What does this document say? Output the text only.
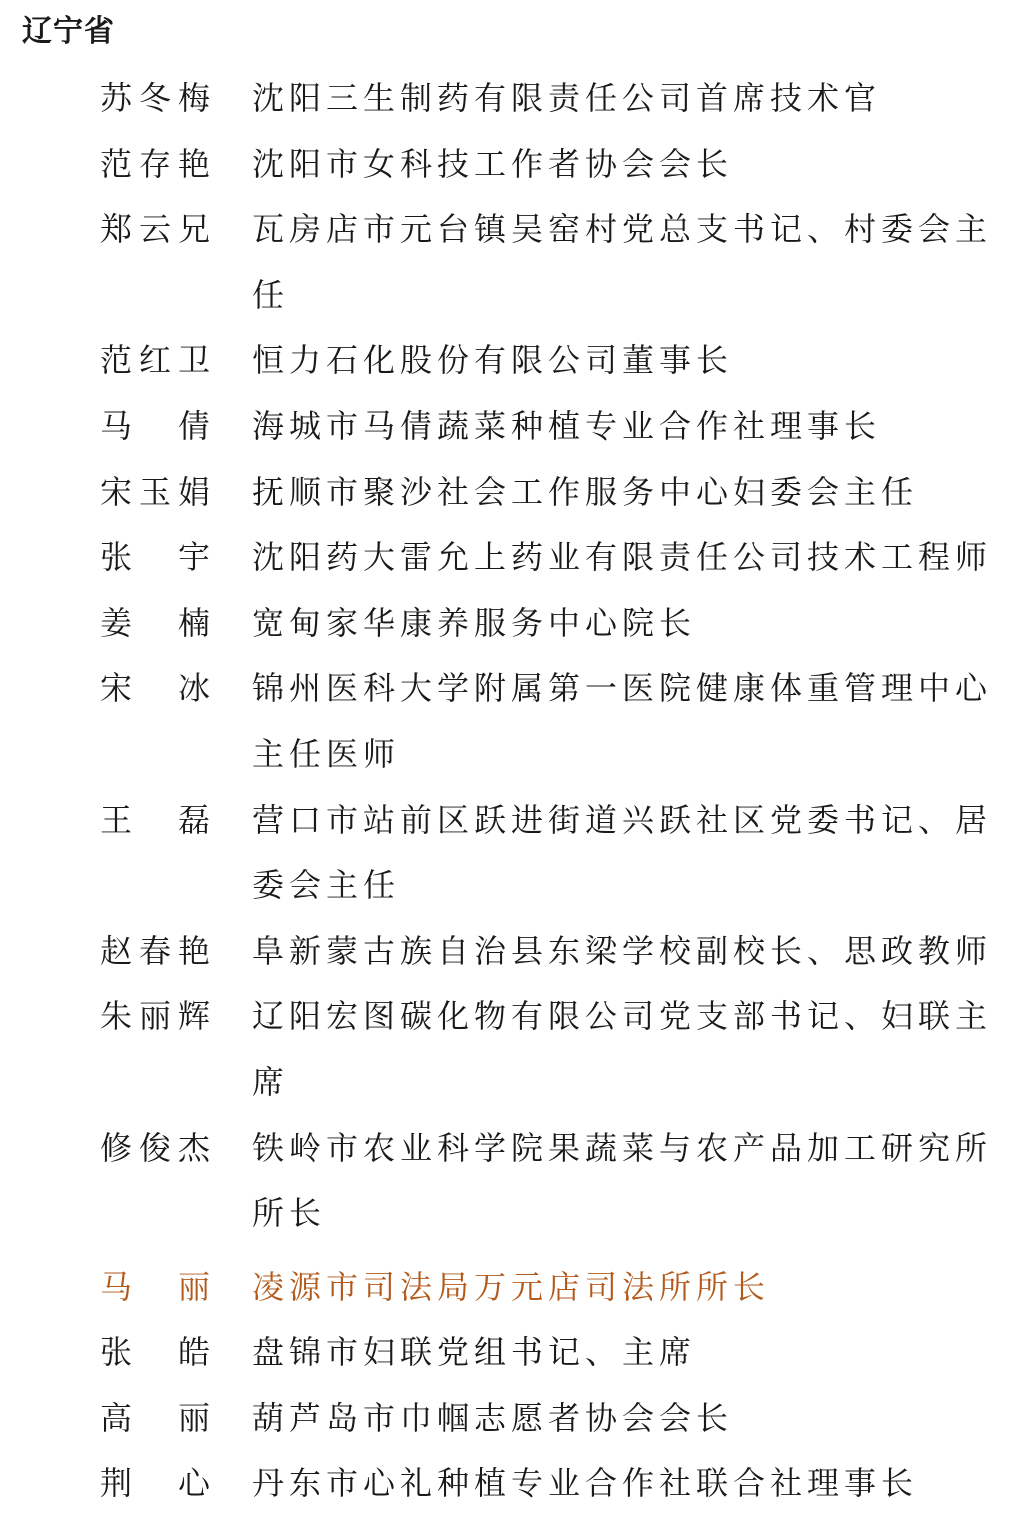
辽宁省
苏 冬 梅 沈阳三生制药有限责任公司首席技术官
范 存 艳 沈阳市女科技工作者协会会长
郑 云 兄 瓦房店市元台镇吴窑村党总支书记、村委会主任
范 红 卫 恒力石化股份有限公司董事长
马 倩 海城市马倩蔬菜种植专业合作社理事长
宋 玉 娟 抚顺市聚沙社会工作服务中心妇委会主任
张 宇 沈阳药大雷允上药业有限责任公司技术工程师
姜 楠 宽甸家华康养服务中心院长
宋 冰 锦州医科大学附属第一医院健康体重管理中心主任医师
王 磊 营口市站前区跃进街道兴跃社区党委书记、居委会主任
赵 春 艳 阜新蒙古族自治县东梁学校副校长、思政教师
朱 丽 辉 辽阳宏图碳化物有限公司党支部书记、妇联主席
修 俊 杰 铁岭市农业科学院果蔬菜与农产品加工研究所所长
马 丽 凌源市司法局万元店司法所所长
张 皓 盘锦市妇联党组书记、主席
高 丽 葫芦岛市巾帼志愿者协会会长
荆 心 丹东市心礼种植专业合作社联合社理事长
